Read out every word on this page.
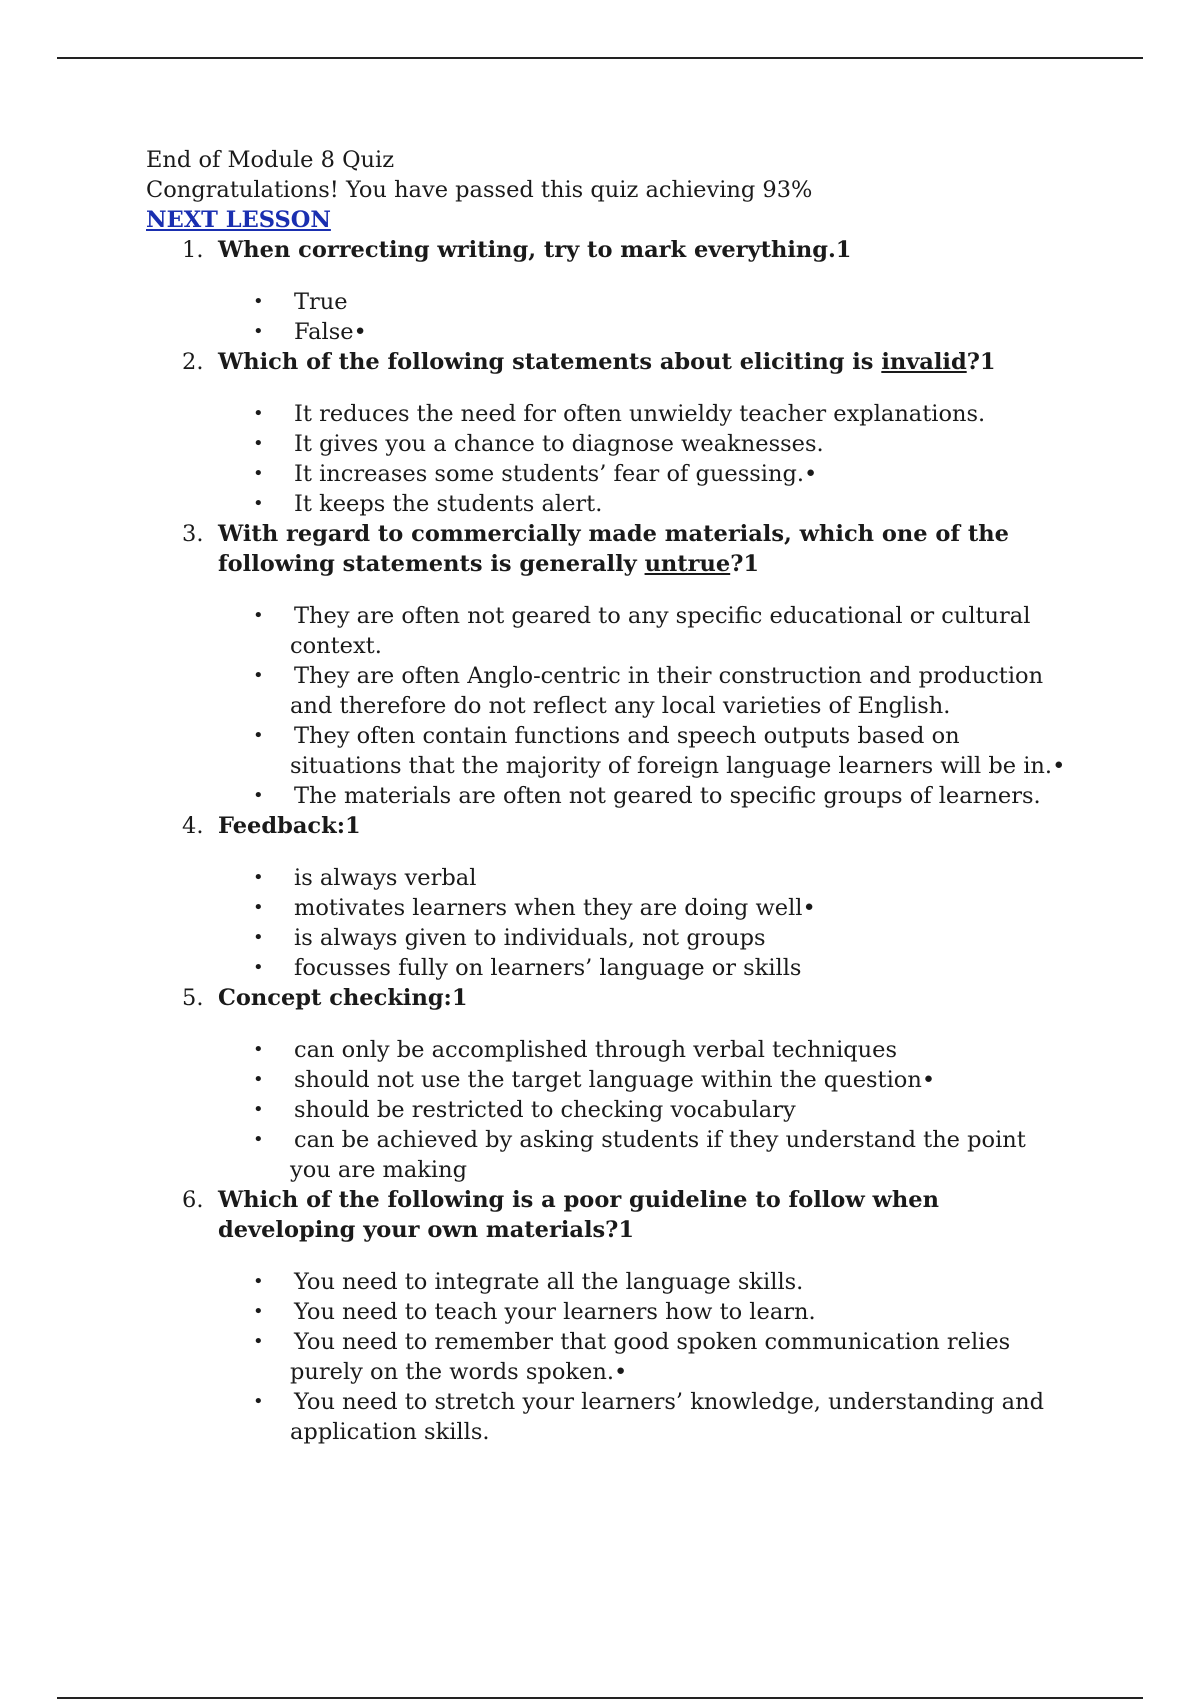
End of Module 8 Quiz

Congratulations! You have passed this quiz achieving 93%

NEXT LESSON

1. When correcting writing, try to mark everything.1
• True
• False•
2. Which of the following statements about eliciting is invalid?1
• It reduces the need for often unwieldy teacher explanations.
• It gives you a chance to diagnose weaknesses.
• It increases some students’ fear of guessing.•
• It keeps the students alert.
3. With regard to commercially made materials, which one of the following statements is generally untrue?1
• They are often not geared to any specific educational or cultural context.
• They are often Anglo-centric in their construction and production and therefore do not reflect any local varieties of English.
• They often contain functions and speech outputs based on situations that the majority of foreign language learners will be in.•
• The materials are often not geared to specific groups of learners.
4. Feedback:1
• is always verbal
• motivates learners when they are doing well•
• is always given to individuals, not groups
• focusses fully on learners’ language or skills
5. Concept checking:1
• can only be accomplished through verbal techniques
• should not use the target language within the question•
• should be restricted to checking vocabulary
• can be achieved by asking students if they understand the point you are making
6. Which of the following is a poor guideline to follow when developing your own materials?1
• You need to integrate all the language skills.
• You need to teach your learners how to learn.
• You need to remember that good spoken communication relies purely on the words spoken.•
• You need to stretch your learners’ knowledge, understanding and application skills.
